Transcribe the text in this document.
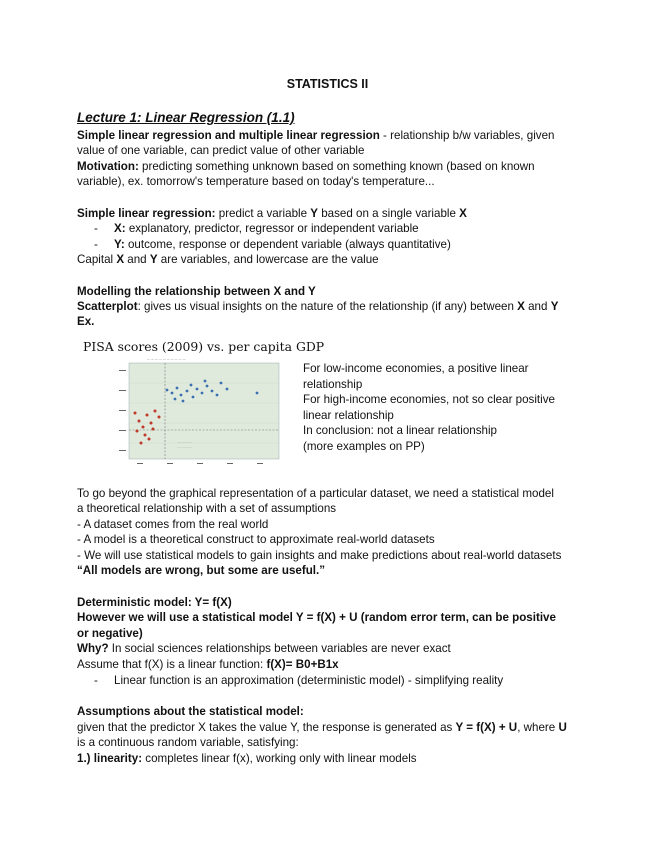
STATISTICS II
Lecture 1: Linear Regression (1.1)
Simple linear regression and multiple linear regression - relationship b/w variables, given
value of one variable, can predict value of other variable
Motivation: predicting something unknown based on something known (based on known
variable), ex. tomorrow's temperature based on today's temperature...
Simple linear regression: predict a variable Y based on a single variable X
- X: explanatory, predictor, regressor or independent variable
- Y: outcome, response or dependent variable (always quantitative)
Capital X and Y are variables, and lowercase are the value
Modelling the relationship between X and Y
Scatterplot: gives us visual insights on the nature of the relationship (if any) between X and Y
Ex.
PISA scores (2009) vs. per capita GDP
— — — — — — — — — —
················
················
For low-income economies, a positive linear
relationship
For high-income economies, not so clear positive
linear relationship
In conclusion: not a linear relationship
(more examples on PP)
To go beyond the graphical representation of a particular dataset, we need a statistical model
a theoretical relationship with a set of assumptions
- A dataset comes from the real world
- A model is a theoretical construct to approximate real-world datasets
- We will use statistical models to gain insights and make predictions about real-world datasets
“All models are wrong, but some are useful.”
Deterministic model: Y= f(X)
However we will use a statistical model Y = f(X) + U (random error term, can be positive
or negative)
Why? In social sciences relationships between variables are never exact
Assume that f(X) is a linear function: f(X)= B0+B1x
- Linear function is an approximation (deterministic model) - simplifying reality
Assumptions about the statistical model:
given that the predictor X takes the value Y, the response is generated as Y = f(X) + U, where U
is a continuous random variable, satisfying:
1.) linearity: completes linear f(x), working only with linear models
